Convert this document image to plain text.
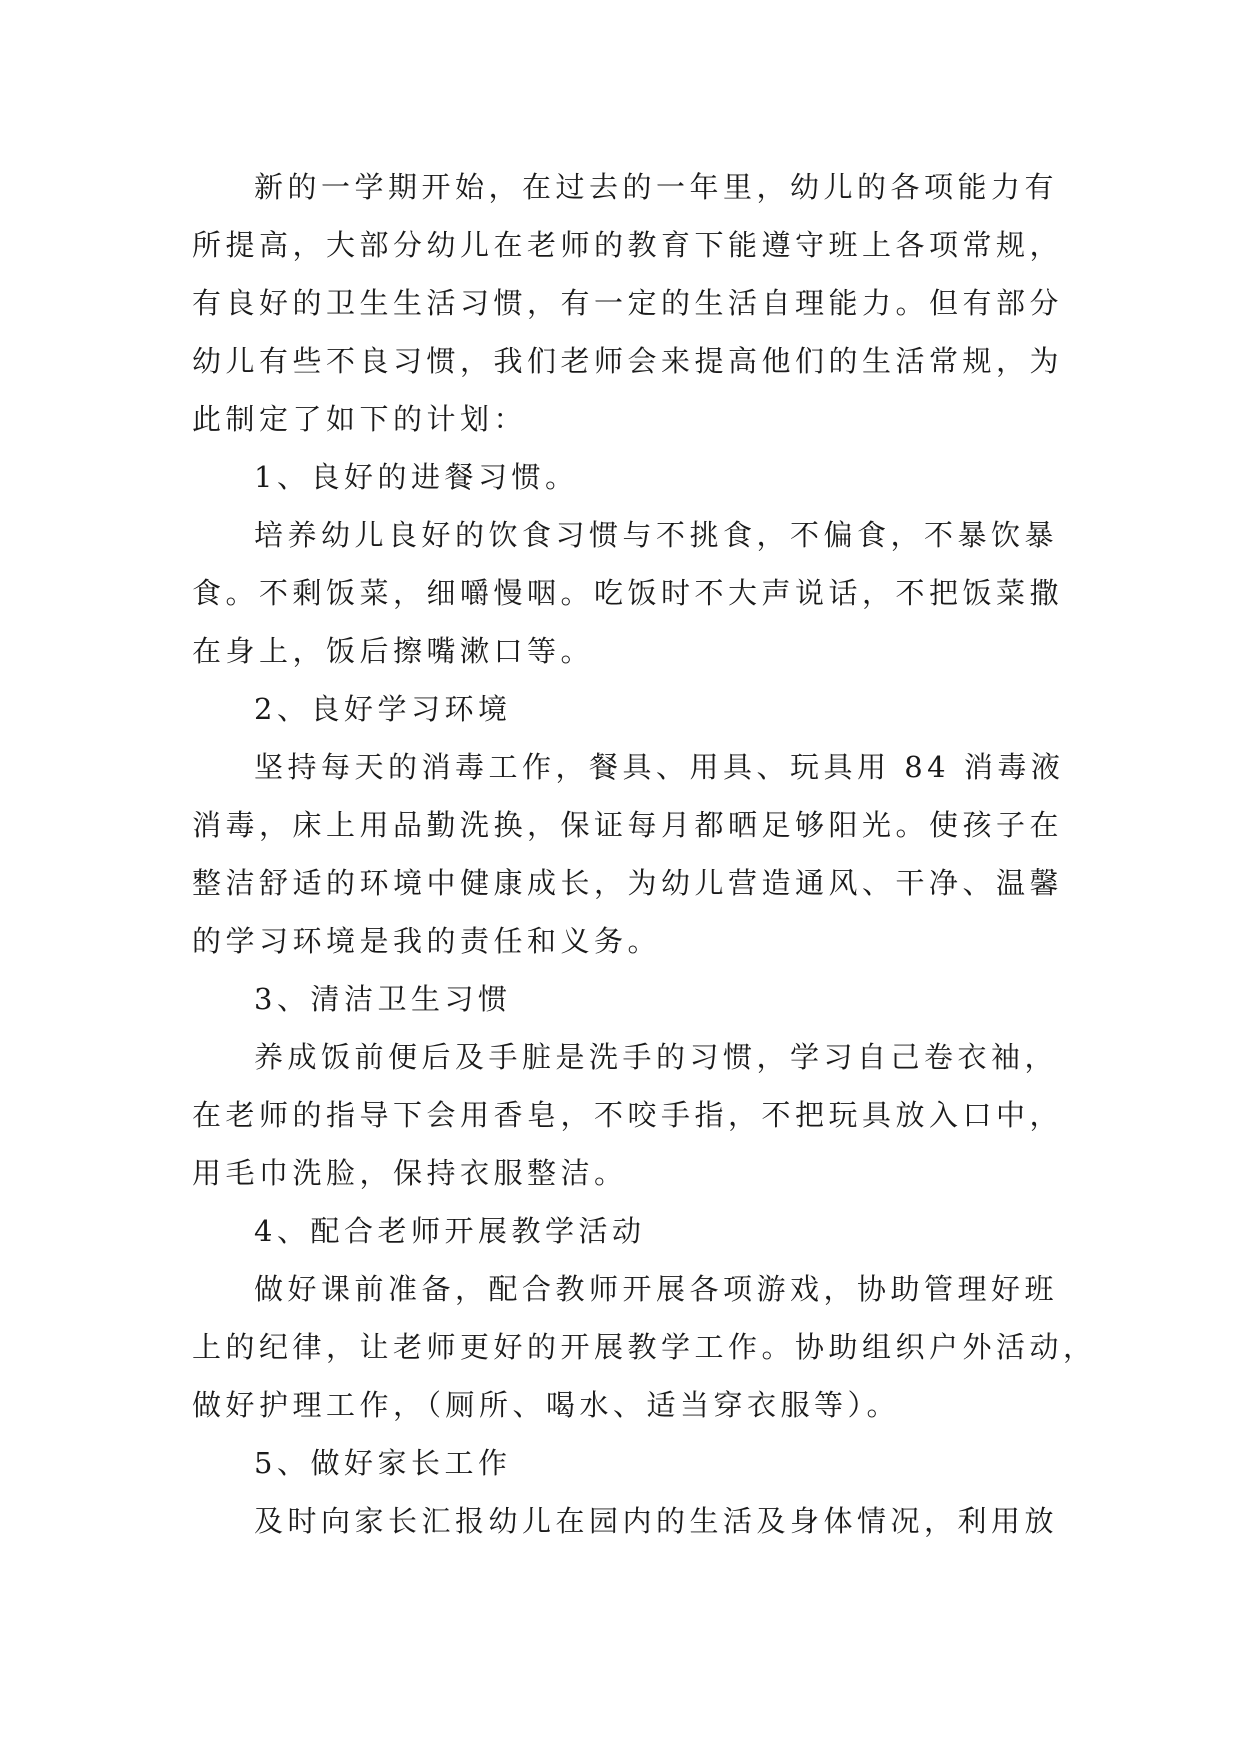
新的一学期开始，在过去的一年里，幼儿的各项能力有
所提高，大部分幼儿在老师的教育下能遵守班上各项常规，
有良好的卫生生活习惯，有一定的生活自理能力。但有部分
幼儿有些不良习惯，我们老师会来提高他们的生活常规，为
此制定了如下的计划：
1、良好的进餐习惯。
培养幼儿良好的饮食习惯与不挑食，不偏食，不暴饮暴
食。不剩饭菜，细嚼慢咽。吃饭时不大声说话，不把饭菜撒
在身上，饭后擦嘴漱口等。
2、良好学习环境
坚持每天的消毒工作，餐具、用具、玩具用 84 消毒液
消毒，床上用品勤洗换，保证每月都晒足够阳光。使孩子在
整洁舒适的环境中健康成长，为幼儿营造通风、干净、温馨
的学习环境是我的责任和义务。
3、清洁卫生习惯
养成饭前便后及手脏是洗手的习惯，学习自己卷衣袖，
在老师的指导下会用香皂，不咬手指，不把玩具放入口中，
用毛巾洗脸，保持衣服整洁。
4、配合老师开展教学活动
做好课前准备，配合教师开展各项游戏，协助管理好班
上的纪律，让老师更好的开展教学工作。协助组织户外活动，
做好护理工作，（厕所、喝水、适当穿衣服等）。
5、做好家长工作
及时向家长汇报幼儿在园内的生活及身体情况，利用放
